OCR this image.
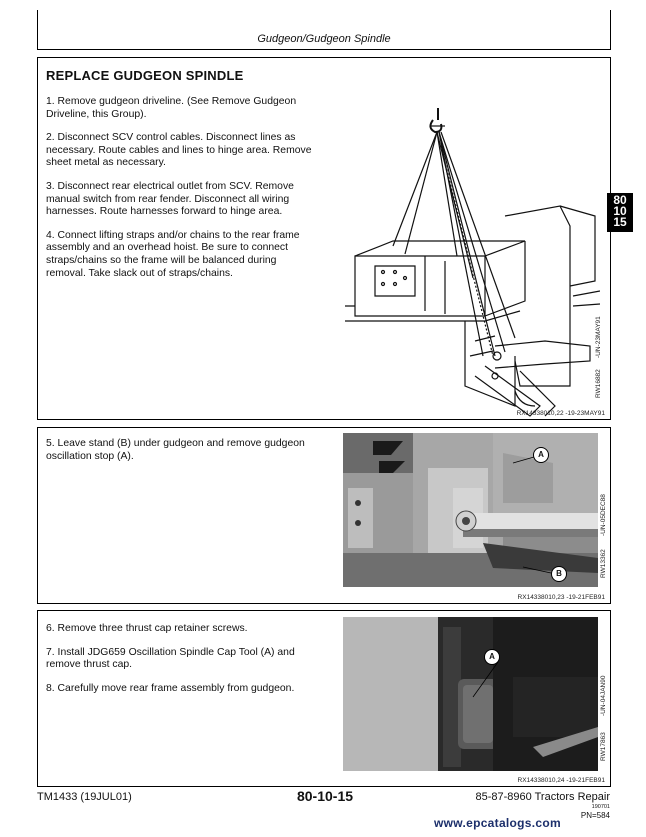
Gudgeon/Gudgeon Spindle
REPLACE GUDGEON SPINDLE

1. Remove gudgeon driveline. (See Remove Gudgeon Driveline, this Group).

2. Disconnect SCV control cables. Disconnect lines as necessary. Route cables and lines to hinge area. Remove sheet metal as necessary.

3. Disconnect rear electrical outlet from SCV. Remove manual switch from rear fender. Disconnect all wiring harnesses. Route harnesses forward to hinge area.

4. Connect lifting straps and/or chains to the rear frame assembly and an overhead hoist. Be sure to connect straps/chains so the frame will be balanced during removal. Take slack out of straps/chains.

RW16882
-UN-23MAY91
RX14338010,22 -19-23MAY91
80
10
15

5. Leave stand (B) under gudgeon and remove gudgeon oscillation stop (A).	A
B
-UN-05DEC88
RW13362
RX14338010,23 -19-21FEB91

6. Remove three thrust cap retainer screws.

7. Install JDG659 Oscillation Spindle Cap Tool (A) and remove thrust cap.

8. Carefully move rear frame assembly from gudgeon.

A
-UN-04JAN90
RW17863
RX14338010,24 -19-21FEB91
TM1433 (19JUL01)	80-10-15	85-87-8960 Tractors Repair
190701
PN=584
www.epcatalogs.com
